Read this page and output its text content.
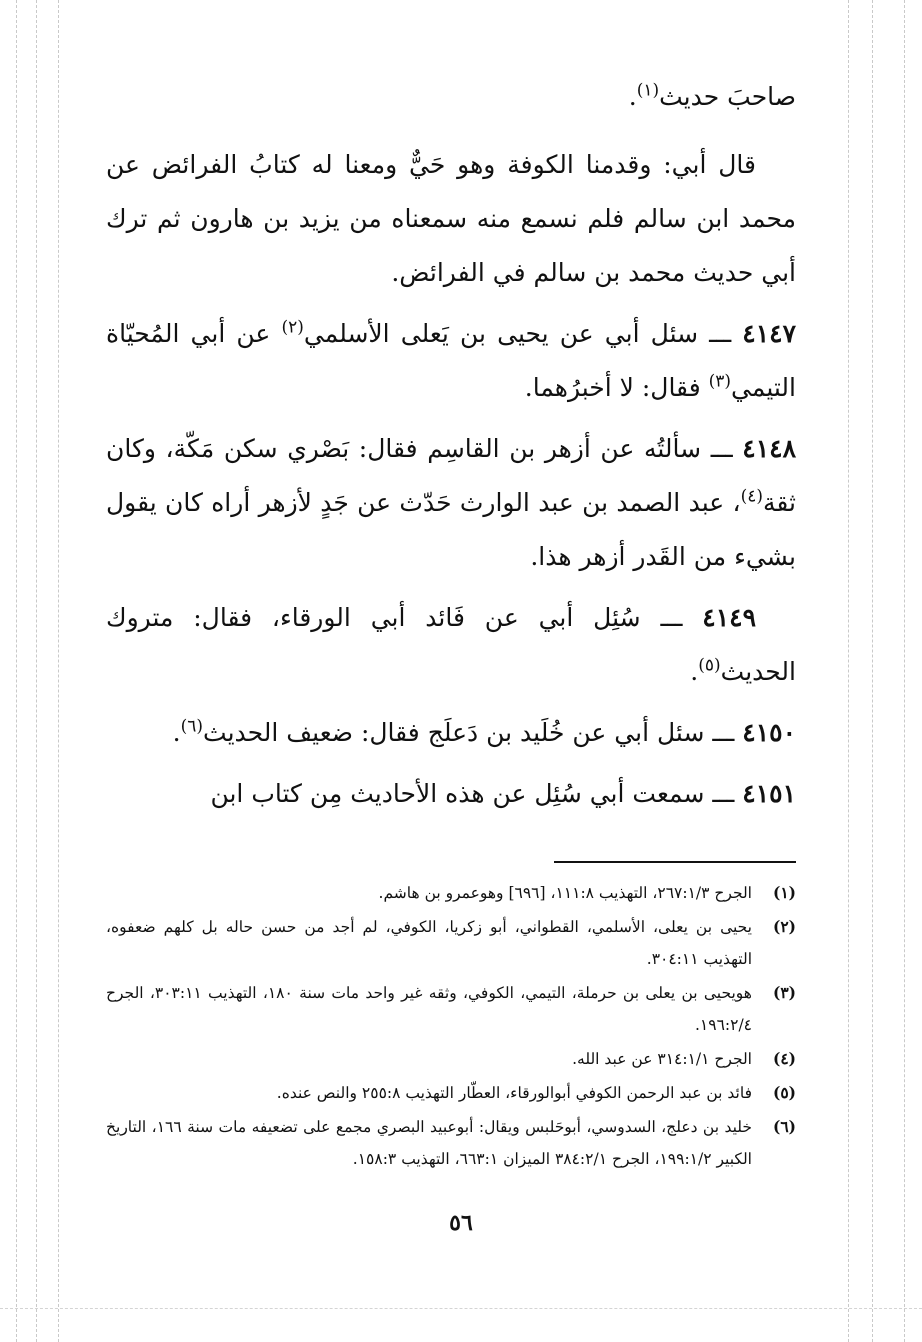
صاحبَ حديث$^{(١)}$.

قال أبي: وقدمنا الكوفة وهو حَيٌّ ومعنا له كتابُ الفرائض عن محمد ابن سالم فلم نسمع منه سمعناه من يزيد بن هارون ثم ترك أبي حديث محمد بن سالم في الفرائض.

٤١٤٧ ـــ سئل أبي عن يحيى بن يَعلى الأسلمي$^{(٢)}$ عن أبي المُحيّاة التيمي$^{(٣)}$ فقال: لا أخبرُهما.

٤١٤٨ ـــ سألتُه عن أزهر بن القاسِم فقال: بَصْري سكن مَكّة، وكان ثقة$^{(٤)}$، عبد الصمد بن عبد الوارث حَدّث عن جَدٍ لأزهر أراه كان يقول بشيء من القَدر أزهر هذا.

٤١٤٩ ـــ سُئِل أبي عن فَائد أبي الورقاء، فقال: متروك الحديث$^{(٥)}$.

٤١٥٠ ـــ سئل أبي عن خُلَيد بن دَعلَج فقال: ضعيف الحديث$^{(٦)}$.

٤١٥١ ـــ سمعت أبي سُئِل عن هذه الأحاديث مِن كتاب ابن

(١)
الجرح ٢٦٧:١/٣، التهذيب ١١١:٨، [٦٩٦] وهوعمرو بن هاشم.
(٢)
يحيى بن يعلى، الأسلمي، القطواني، أبو زكريا، الكوفي، لم أجد من حسن حاله بل كلهم ضعفوه، التهذيب ٣٠٤:١١.
(٣)
هويحيى بن يعلى بن حرملة، التيمي، الكوفي، وثقه غير واحد مات سنة ١٨٠، التهذيب ٣٠٣:١١، الجرح ١٩٦:٢/٤.
(٤)
الجرح ٣١٤:١/١ عن عبد الله.
(٥)
فائد بن عبد الرحمن الكوفي أبوالورقاء، العطّار التهذيب ٢٥٥:٨ والنص عنده.
(٦)
خليد بن دعلج، السدوسي، أبوحَلبس ويقال: أبوعبيد البصري مجمع على تضعيفه مات سنة ١٦٦، التاريخ الكبير ١٩٩:١/٢، الجرح ٣٨٤:٢/١ الميزان ٦٦٣:١، التهذيب ١٥٨:٣.
٥٦
